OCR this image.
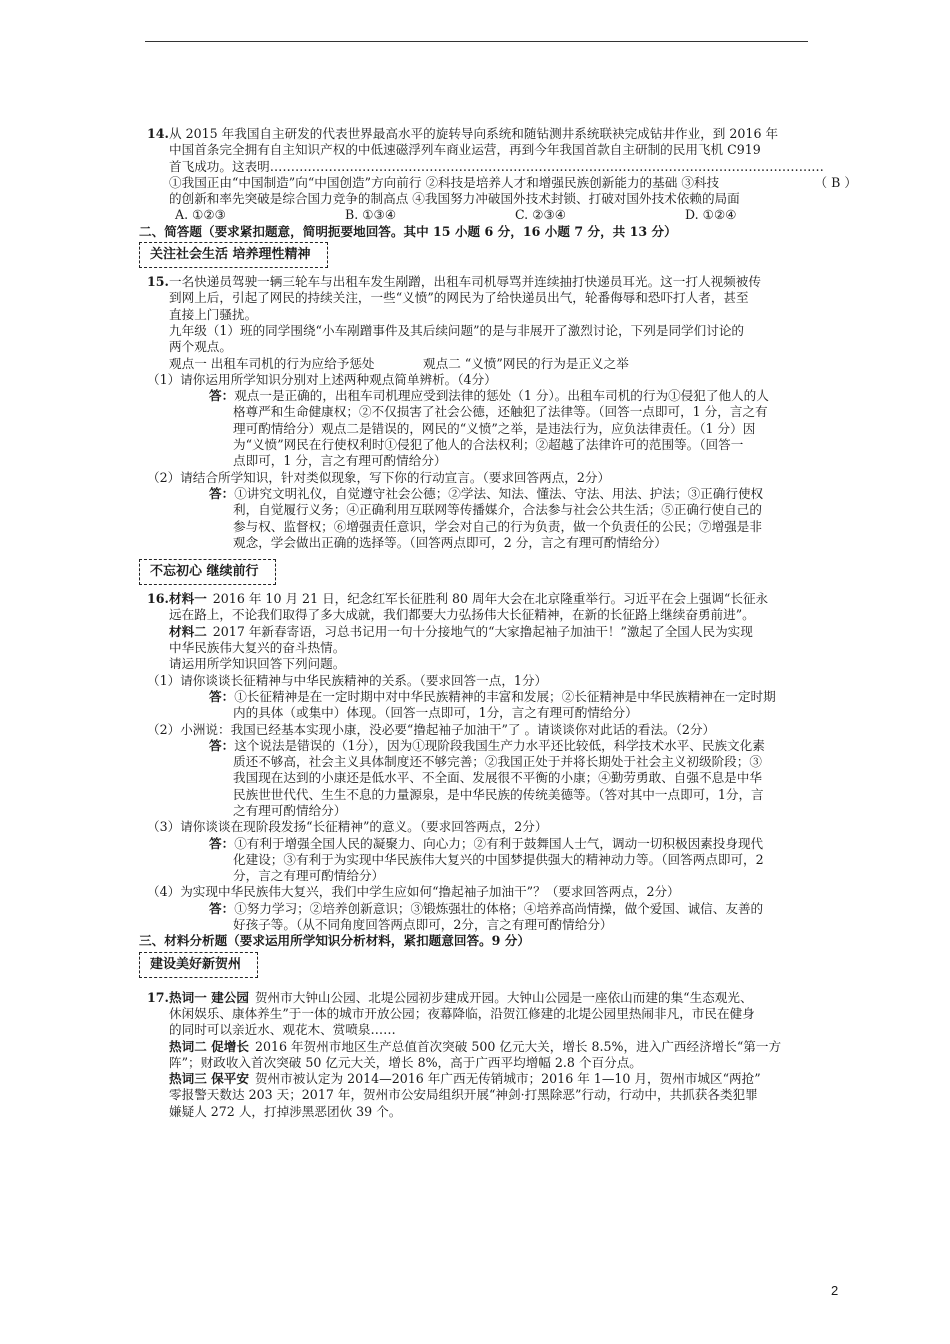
14. 从 2015 年我国自主研发的代表世界最高水平的旋转导向系统和随钻测井系统联袂完成钻井作业，到 2016 年

中国首条完全拥有自主知识产权的中低速磁浮列车商业运营，再到今年我国首款自主研制的民用飞机 C919

首飞成功。这表明……………………………………………………………………………………………………………………
（ B ）

①我国正由“中国制造”向“中国创造”方向前行 ②科技是培养人才和增强民族创新能力的基础 ③科技

的创新和率先突破是综合国力竞争的制高点 ④我国努力冲破国外技术封锁、打破对国外技术依赖的局面

A. ①②③	B. ①③④	C. ②③④	D. ①②④

二、简答题（要求紧扣题意，简明扼要地回答。其中 15 小题 6 分，16 小题 7 分，共 13 分）

关注社会生活 培养理性精神
15. 一名快递员驾驶一辆三轮车与出租车发生剐蹭，出租车司机辱骂并连续抽打快递员耳光。这一打人视频被传

到网上后，引起了网民的持续关注，一些“义愤”的网民为了给快递员出气，轮番侮辱和恐吓打人者，甚至

直接上门骚扰。

九年级（1）班的同学围绕“小车剐蹭事件及其后续问题”的是与非展开了激烈讨论，下列是同学们讨论的

两个观点。

观点一 出租车司机的行为应给予惩处	观点二 “义愤”网民的行为是正义之举

（1）请你运用所学知识分别对上述两种观点简单辨析。（4分）

答：观点一是正确的，出租车司机理应受到法律的惩处（1 分）。出租车司机的行为①侵犯了他人的人

格尊严和生命健康权；②不仅损害了社会公德，还触犯了法律等。（回答一点即可，1 分，言之有

理可酌情给分）观点二是错误的，网民的“义愤”之举，是违法行为，应负法律责任。（1 分）因

为“义愤”网民在行使权利时①侵犯了他人的合法权利；②超越了法律许可的范围等。（回答一

点即可，1 分，言之有理可酌情给分）

（2）请结合所学知识，针对类似现象，写下你的行动宣言。（要求回答两点，2分）

答：①讲究文明礼仪，自觉遵守社会公德；②学法、知法、懂法、守法、用法、护法；③正确行使权

利，自觉履行义务；④正确利用互联网等传播媒介，合法参与社会公共生活；⑤正确行使自己的

参与权、监督权；⑥增强责任意识，学会对自己的行为负责，做一个负责任的公民；⑦增强是非

观念，学会做出正确的选择等。（回答两点即可，2 分，言之有理可酌情给分）

不忘初心 继续前行
16. 材料一 2016 年 10 月 21 日，纪念红军长征胜利 80 周年大会在北京隆重举行。习近平在会上强调“长征永

远在路上，不论我们取得了多大成就，我们都要大力弘扬伟大长征精神，在新的长征路上继续奋勇前进”。

材料二 2017 年新春寄语，习总书记用一句十分接地气的“大家撸起袖子加油干！”激起了全国人民为实现

中华民族伟大复兴的奋斗热情。

请运用所学知识回答下列问题。

（1）请你谈谈长征精神与中华民族精神的关系。（要求回答一点，1分）

答：①长征精神是在一定时期中对中华民族精神的丰富和发展；②长征精神是中华民族精神在一定时期

内的具体（或集中）体现。（回答一点即可，1分，言之有理可酌情给分）

（2）小洲说：我国已经基本实现小康，没必要“撸起袖子加油干”了 。请谈谈你对此话的看法。（2分）

答：这个说法是错误的（1分），因为①现阶段我国生产力水平还比较低，科学技术水平、民族文化素

质还不够高，社会主义具体制度还不够完善；②我国正处于并将长期处于社会主义初级阶段；③

我国现在达到的小康还是低水平、不全面、发展很不平衡的小康；④勤劳勇敢、自强不息是中华

民族世世代代、生生不息的力量源泉，是中华民族的传统美德等。（答对其中一点即可，1分，言

之有理可酌情给分）

（3）请你谈谈在现阶段发扬“长征精神”的意义。（要求回答两点，2分）

答：①有利于增强全国人民的凝聚力、向心力；②有利于鼓舞国人士气，调动一切积极因素投身现代

化建设；③有利于为实现中华民族伟大复兴的中国梦提供强大的精神动力等。（回答两点即可，2

分，言之有理可酌情给分）

（4）为实现中华民族伟大复兴，我们中学生应如何“撸起袖子加油干”？（要求回答两点，2分）

答：①努力学习；②培养创新意识；③锻炼强壮的体格；④培养高尚情操，做个爱国、诚信、友善的

好孩子等。（从不同角度回答两点即可，2分，言之有理可酌情给分）

三、材料分析题（要求运用所学知识分析材料，紧扣题意回答。9 分）

建设美好新贺州
17. 热词一 建公园 贺州市大钟山公园、北堤公园初步建成开园。大钟山公园是一座依山而建的集“生态观光、

休闲娱乐、康体养生”于一体的城市开放公园；夜幕降临，沿贺江修建的北堤公园里热闹非凡，市民在健身

的同时可以亲近水、观花木、赏喷泉……

热词二 促增长 2016 年贺州市地区生产总值首次突破 500 亿元大关，增长 8.5%，进入广西经济增长“第一方

阵”；财政收入首次突破 50 亿元大关，增长 8%，高于广西平均增幅 2.8 个百分点。

热词三 保平安 贺州市被认定为 2014—2016 年广西无传销城市；2016 年 1—10 月，贺州市城区“两抢”

零报警天数达 203 天；2017 年，贺州市公安局组织开展“神剑·打黑除恶”行动，行动中，共抓获各类犯罪

嫌疑人 272 人，打掉涉黑恶团伙 39 个。

2
